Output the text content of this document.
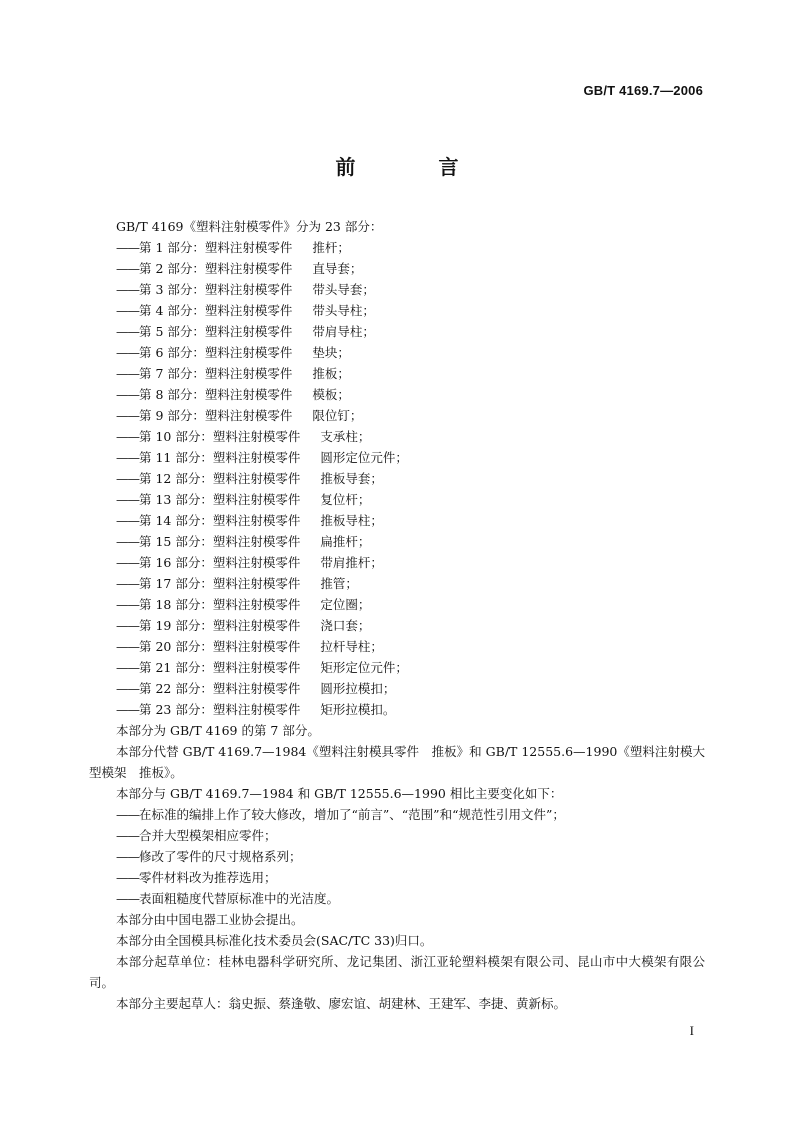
GB/T 4169.7—2006
前 言
GB/T 4169《塑料注射模零件》分为 23 部分：
——第 1 部分：塑料注射模零件 推杆；
——第 2 部分：塑料注射模零件 直导套；
——第 3 部分：塑料注射模零件 带头导套；
——第 4 部分：塑料注射模零件 带头导柱；
——第 5 部分：塑料注射模零件 带肩导柱；
——第 6 部分：塑料注射模零件 垫块；
——第 7 部分：塑料注射模零件 推板；
——第 8 部分：塑料注射模零件 模板；
——第 9 部分：塑料注射模零件 限位钉；
——第 10 部分：塑料注射模零件 支承柱；
——第 11 部分：塑料注射模零件 圆形定位元件；
——第 12 部分：塑料注射模零件 推板导套；
——第 13 部分：塑料注射模零件 复位杆；
——第 14 部分：塑料注射模零件 推板导柱；
——第 15 部分：塑料注射模零件 扁推杆；
——第 16 部分：塑料注射模零件 带肩推杆；
——第 17 部分：塑料注射模零件 推管；
——第 18 部分：塑料注射模零件 定位圈；
——第 19 部分：塑料注射模零件 浇口套；
——第 20 部分：塑料注射模零件 拉杆导柱；
——第 21 部分：塑料注射模零件 矩形定位元件；
——第 22 部分：塑料注射模零件 圆形拉模扣；
——第 23 部分：塑料注射模零件 矩形拉模扣。
本部分为 GB/T 4169 的第 7 部分。
本部分代替 GB/T 4169.7—1984《塑料注射模具零件　推板》和 GB/T 12555.6—1990《塑料注射模大型模架　推板》。
本部分与 GB/T 4169.7—1984 和 GB/T 12555.6—1990 相比主要变化如下：
——在标准的编排上作了较大修改，增加了“前言”、“范围”和“规范性引用文件”；
——合并大型模架相应零件；
——修改了零件的尺寸规格系列；
——零件材料改为推荐选用；
——表面粗糙度代替原标准中的光洁度。
本部分由中国电器工业协会提出。
本部分由全国模具标准化技术委员会(SAC/TC 33)归口。
本部分起草单位：桂林电器科学研究所、龙记集团、浙江亚轮塑料模架有限公司、昆山市中大模架有限公司。
本部分主要起草人：翁史振、蔡逢敬、廖宏谊、胡建林、王建军、李捷、黄新标。
I
